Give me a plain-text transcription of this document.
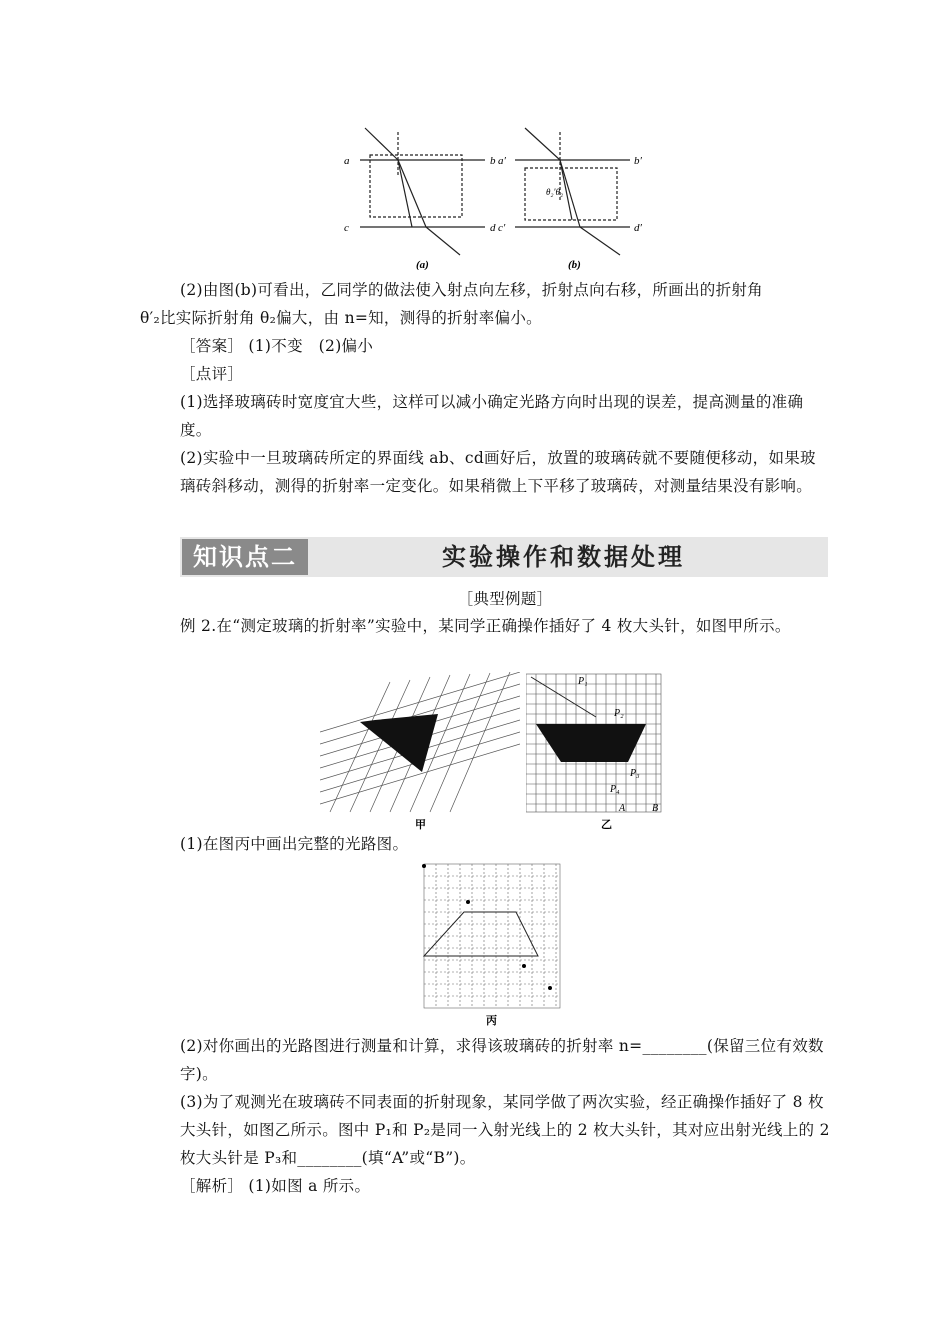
a	b
c	d
a′	b′
c′	d′
θ₂′θ₂
(a)	(b)
(2)由图(b)可看出，乙同学的做法使入射点向左移，折射点向右移，所画出的折射角
θ′₂比实际折射角 θ₂偏大，由 n=知，测得的折射率偏小。
［答案］ (1)不变　(2)偏小
［点评］
(1)选择玻璃砖时宽度宜大些，这样可以减小确定光路方向时出现的误差，提高测量的准确度。
(2)实验中一旦玻璃砖所定的界面线 ab、cd画好后，放置的玻璃砖就不要随便移动，如果玻璃砖斜移动，测得的折射率一定变化。如果稍微上下平移了玻璃砖，对测量结果没有影响。
知识点二	实验操作和数据处理
［典型例题］
例 2.在“测定玻璃的折射率”实验中，某同学正确操作插好了 4 枚大头针，如图甲所示。
甲
P₁
P₂
P₃
P₄
A	B
乙
(1)在图丙中画出完整的光路图。
丙
(2)对你画出的光路图进行测量和计算，求得该玻璃砖的折射率 n=________(保留三位有效数字)。
(3)为了观测光在玻璃砖不同表面的折射现象，某同学做了两次实验，经正确操作插好了 8 枚大头针，如图乙所示。图中 P₁和 P₂是同一入射光线上的 2 枚大头针，其对应出射光线上的 2 枚大头针是 P₃和________(填“A”或“B”)。
［解析］ (1)如图 a 所示。
